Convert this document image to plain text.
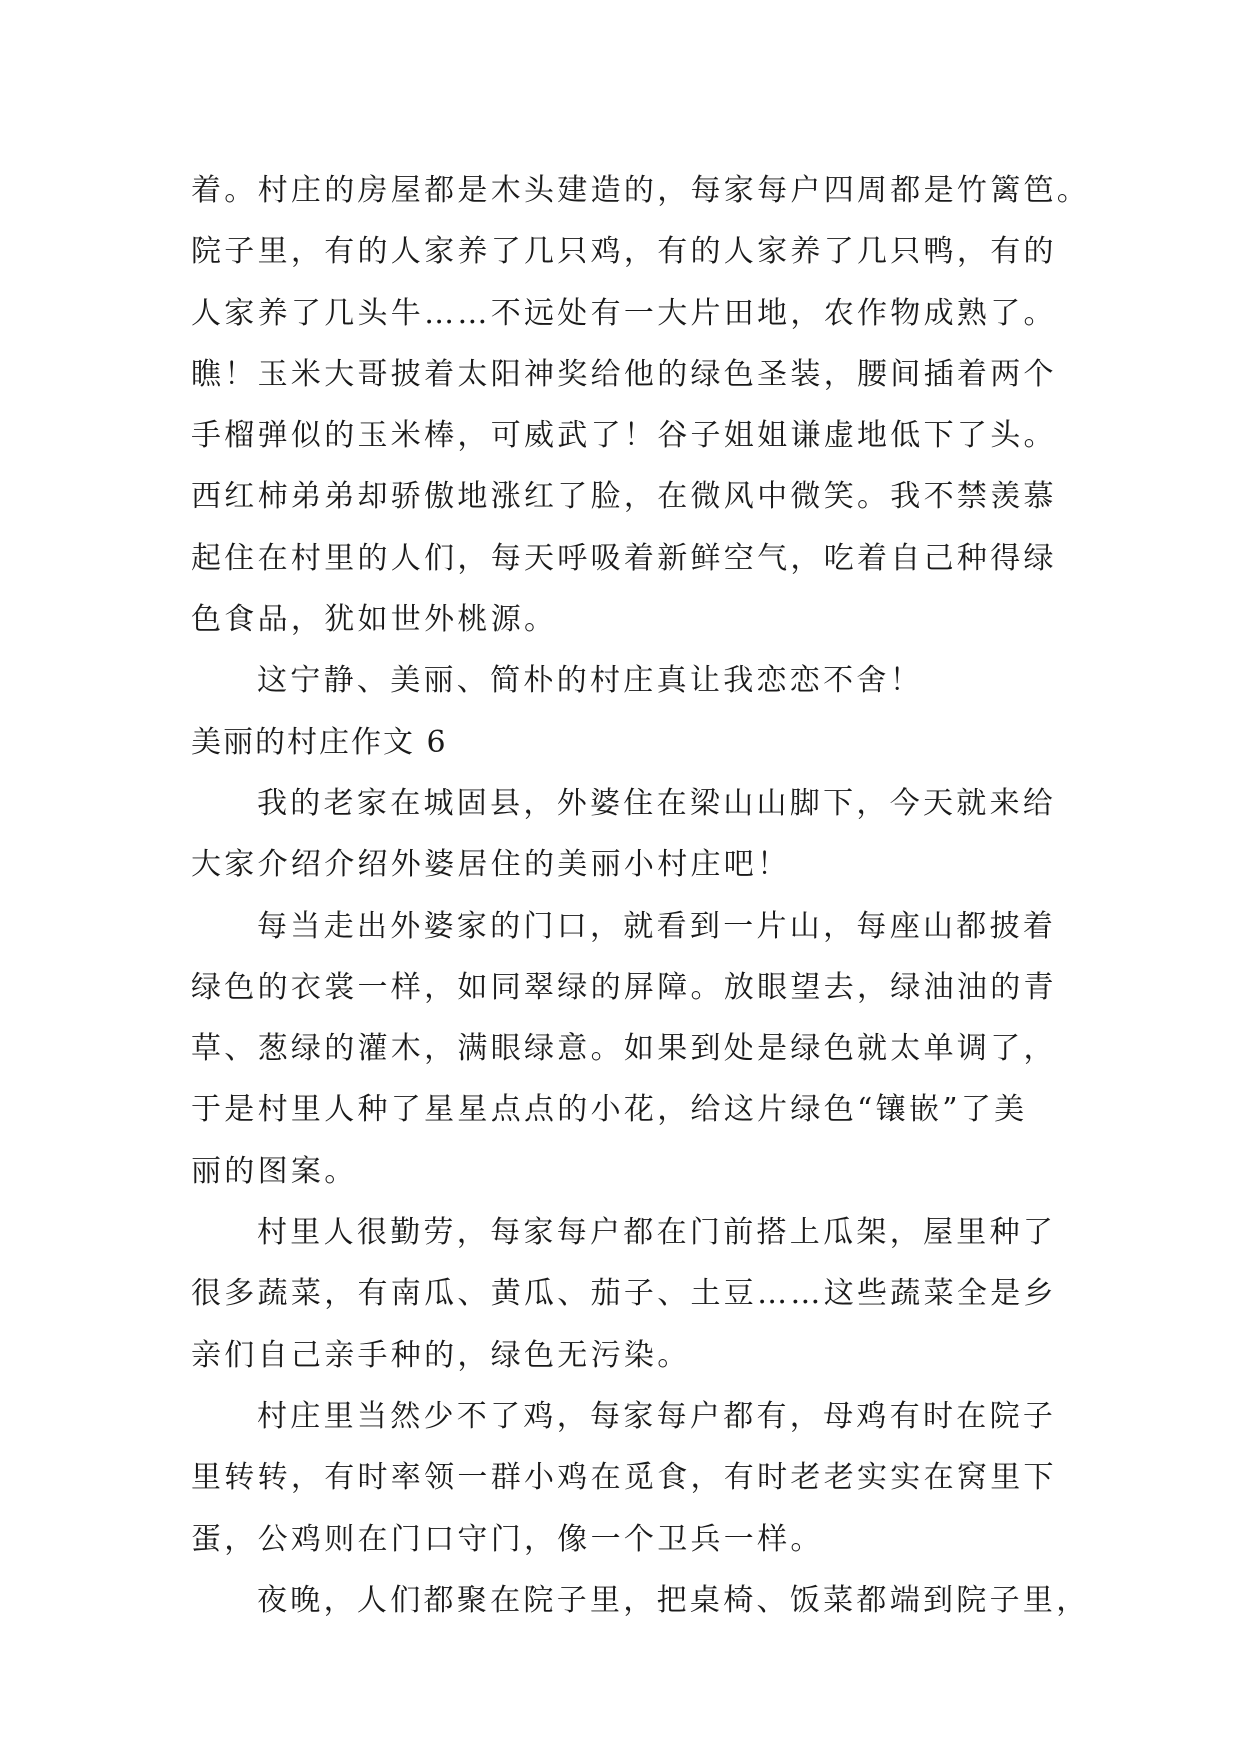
着。村庄的房屋都是木头建造的，每家每户四周都是竹篱笆。
院子里，有的人家养了几只鸡，有的人家养了几只鸭，有的
人家养了几头牛……不远处有一大片田地，农作物成熟了。
瞧！玉米大哥披着太阳神奖给他的绿色圣装，腰间插着两个
手榴弹似的玉米棒，可威武了！谷子姐姐谦虚地低下了头。
西红柿弟弟却骄傲地涨红了脸，在微风中微笑。我不禁羡慕
起住在村里的人们，每天呼吸着新鲜空气，吃着自己种得绿
色食品，犹如世外桃源。
这宁静、美丽、简朴的村庄真让我恋恋不舍！
美丽的村庄作文 6
我的老家在城固县，外婆住在梁山山脚下，今天就来给
大家介绍介绍外婆居住的美丽小村庄吧！
每当走出外婆家的门口，就看到一片山，每座山都披着
绿色的衣裳一样，如同翠绿的屏障。放眼望去，绿油油的青
草、葱绿的灌木，满眼绿意。如果到处是绿色就太单调了，
于是村里人种了星星点点的小花，给这片绿色“镶嵌”了美
丽的图案。
村里人很勤劳，每家每户都在门前搭上瓜架，屋里种了
很多蔬菜，有南瓜、黄瓜、茄子、土豆……这些蔬菜全是乡
亲们自己亲手种的，绿色无污染。
村庄里当然少不了鸡，每家每户都有，母鸡有时在院子
里转转，有时率领一群小鸡在觅食，有时老老实实在窝里下
蛋，公鸡则在门口守门，像一个卫兵一样。
夜晚，人们都聚在院子里，把桌椅、饭菜都端到院子里，
